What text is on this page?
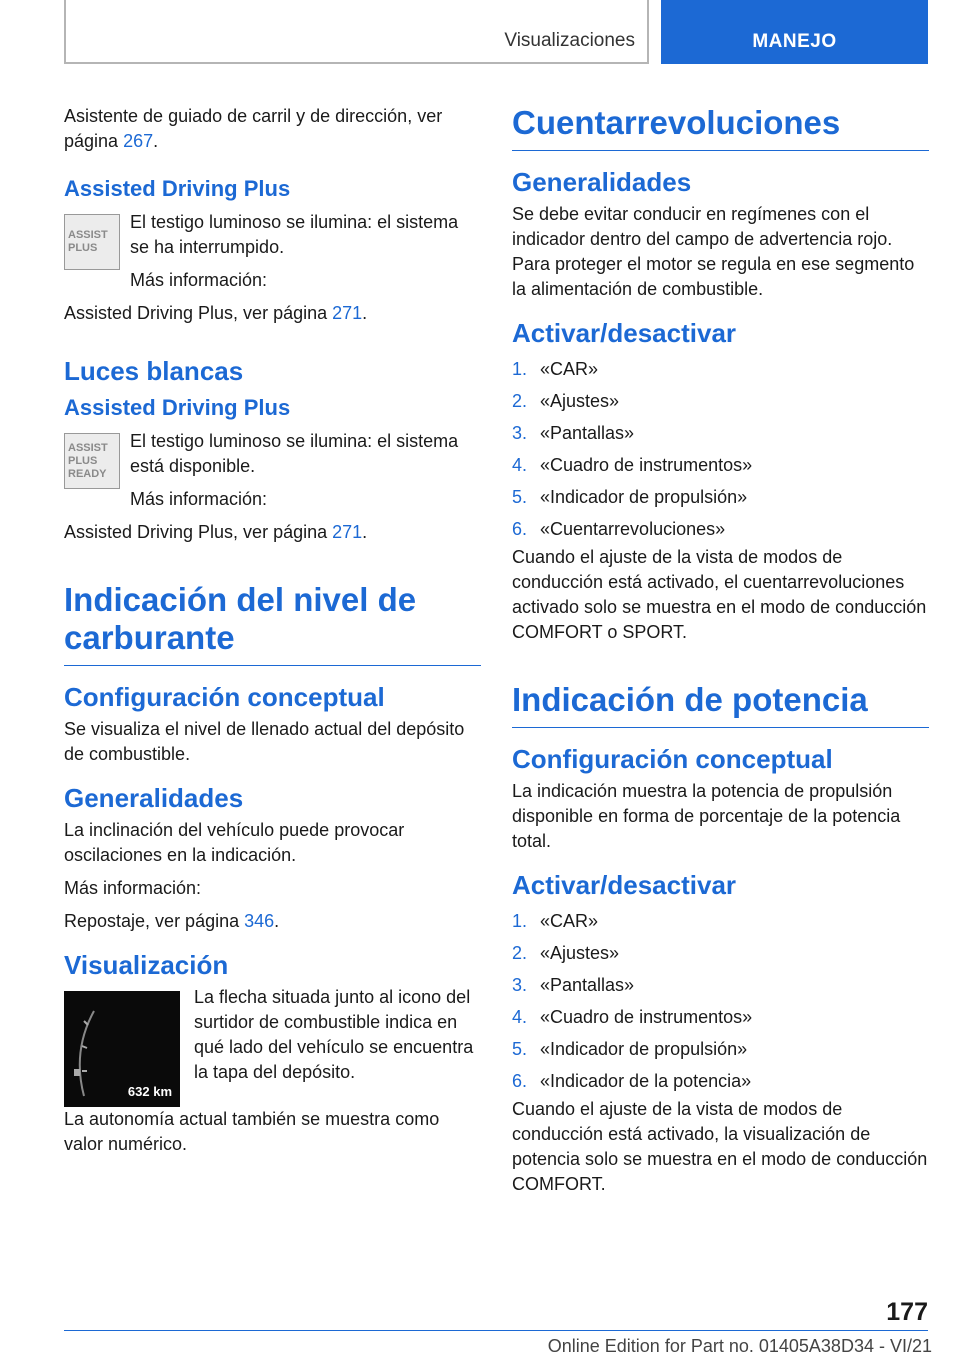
Visualizaciones	MANEJO

Asistente de guiado de carril y de dirección, ver página 267.

Assisted Driving Plus
ASSIST
PLUS

El testigo luminoso se ilumina: el sistema se ha interrumpido.

Más información:

Assisted Driving Plus, ver página 271.

Luces blancas
Assisted Driving Plus
ASSIST
PLUS
READY

El testigo luminoso se ilumina: el sistema está disponible.

Más información:

Assisted Driving Plus, ver página 271.

Indicación del nivel de carburante
Configuración conceptual

Se visualiza el nivel de llenado actual del depósito de combustible.

Generalidades

La inclinación del vehículo puede provocar oscilaciones en la indicación.

Más información:

Repostaje, ver página 346.

Visualización
632 km

La flecha situada junto al icono del surtidor de combustible indica en qué lado del vehículo se encuentra la tapa del depósito.

La autonomía actual también se muestra como valor numérico.

Cuentarrevoluciones
Generalidades

Se debe evitar conducir en regímenes con el indicador dentro del campo de advertencia rojo. Para proteger el motor se regula en ese segmento la alimentación de combustible.

Activar/desactivar
1. «CAR»
2. «Ajustes»
3. «Pantallas»
4. «Cuadro de instrumentos»
5. «Indicador de propulsión»
6. «Cuentarrevoluciones»

Cuando el ajuste de la vista de modos de conducción está activado, el cuentarrevoluciones activado solo se muestra en el modo de conducción COMFORT o SPORT.

Indicación de potencia
Configuración conceptual

La indicación muestra la potencia de propulsión disponible en forma de porcentaje de la potencia total.

Activar/desactivar
1. «CAR»
2. «Ajustes»
3. «Pantallas»
4. «Cuadro de instrumentos»
5. «Indicador de propulsión»
6. «Indicador de la potencia»

Cuando el ajuste de la vista de modos de conducción está activado, la visualización de potencia solo se muestra en el modo de conducción COMFORT.

177
Online Edition for Part no. 01405A38D34 - VI/21
